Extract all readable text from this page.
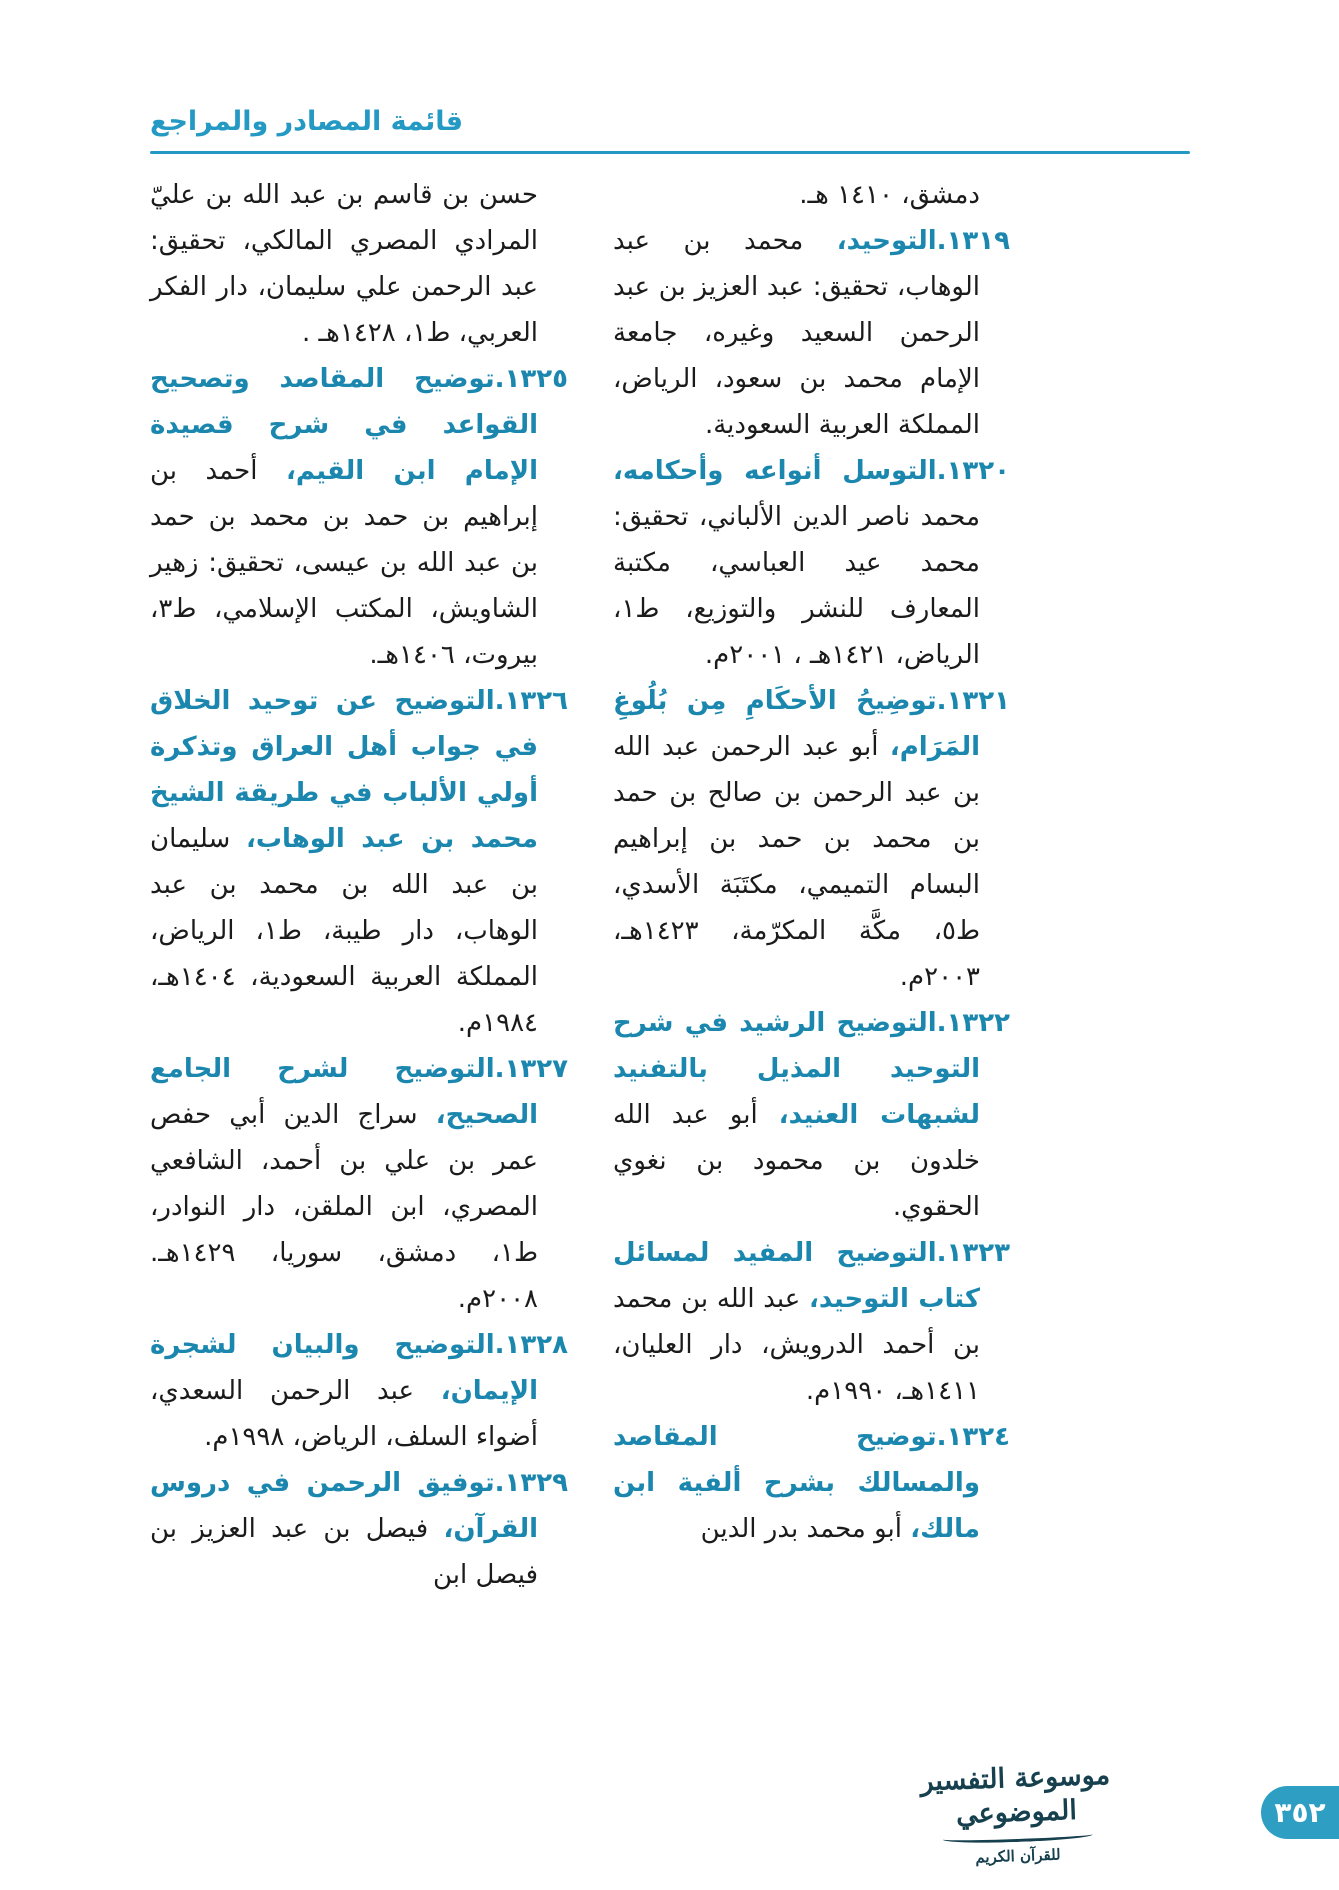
قائمة المصادر والمراجع

دمشق، ١٤١٠ هـ.

١٣١٩.التوحيد، محمد بن عبد الوهاب، تحقيق: عبد العزيز بن عبد الرحمن السعيد وغيره، جامعة الإمام محمد بن سعود، الرياض، المملكة العربية السعودية.

١٣٢٠.التوسل أنواعه وأحكامه، محمد ناصر الدين الألباني، تحقيق: محمد عيد العباسي، مكتبة المعارف للنشر والتوزيع، ط١، الرياض، ١٤٢١هـ ، ٢٠٠١م.

١٣٢١.توضِيحُ الأحكَامِ مِن بُلُوغِ المَرَام، أبو عبد الرحمن عبد الله بن عبد الرحمن بن صالح بن حمد بن محمد بن حمد بن إبراهيم البسام التميمي، مكتَبَة الأسدي، ط٥، مكَّة المكرّمة، ١٤٢٣هـ، ٢٠٠٣م.

١٣٢٢.التوضيح الرشيد في شرح التوحيد المذيل بالتفنيد لشبهات العنيد، أبو عبد الله خلدون بن محمود بن نغوي الحقوي.

١٣٢٣.التوضيح المفيد لمسائل كتاب التوحيد، عبد الله بن محمد بن أحمد الدرويش، دار العليان، ١٤١١هـ، ١٩٩٠م.

١٣٢٤.توضيح المقاصد والمسالك بشرح ألفية ابن مالك، أبو محمد بدر الدين

حسن بن قاسم بن عبد الله بن عليّ المرادي المصري المالكي، تحقيق: عبد الرحمن علي سليمان، دار الفكر العربي، ط١، ١٤٢٨هـ .

١٣٢٥.توضيح المقاصد وتصحيح القواعد في شرح قصيدة الإمام ابن القيم، أحمد بن إبراهيم بن حمد بن محمد بن حمد بن عبد الله بن عيسى، تحقيق: زهير الشاويش، المكتب الإسلامي، ط٣، بيروت، ١٤٠٦هـ.

١٣٢٦.التوضيح عن توحيد الخلاق في جواب أهل العراق وتذكرة أولي الألباب في طريقة الشيخ محمد بن عبد الوهاب، سليمان بن عبد الله بن محمد بن عبد الوهاب، دار طيبة، ط١، الرياض، المملكة العربية السعودية، ١٤٠٤هـ، ١٩٨٤م.

١٣٢٧.التوضيح لشرح الجامع الصحيح، سراج الدين أبي حفص عمر بن علي بن أحمد، الشافعي المصري، ابن الملقن، دار النوادر، ط١، دمشق، سوريا، ١٤٢٩هـ. ٢٠٠٨م.

١٣٢٨.التوضيح والبيان لشجرة الإيمان، عبد الرحمن السعدي، أضواء السلف، الرياض، ١٩٩٨م.

١٣٢٩.توفيق الرحمن في دروس القرآن، فيصل بن عبد العزيز بن فيصل ابن

موسوعة التفسير الموضوعي
للقرآن الكريم
٣٥٢
